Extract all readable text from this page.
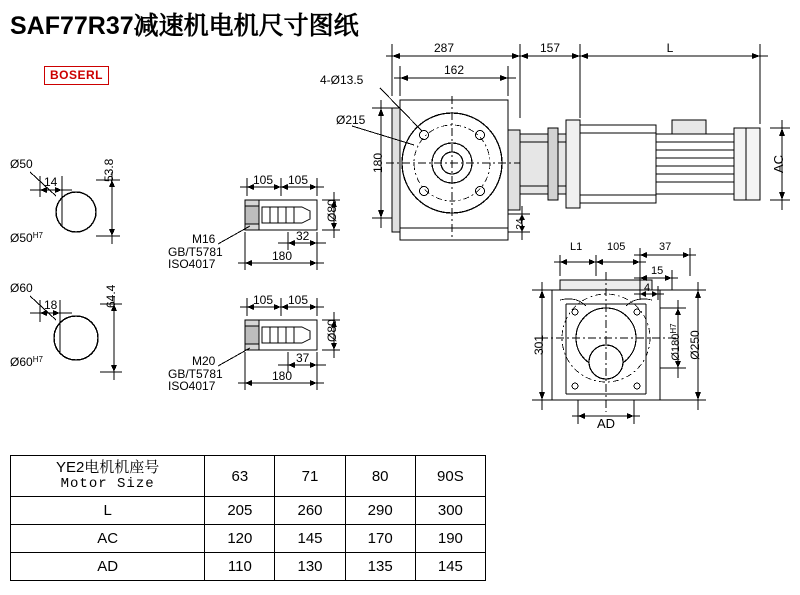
SAF77R37减速机电机尺寸图纸
BOSERL
Ø50
14	53.8
$Ø50^{H7}$
Ø60
18	64.4
$Ø60^{H7}$
105 105
32
180
Ø80
M16
GB/T5781
ISO4017
105 105
37
180
Ø80
M20
GB/T5781
ISO4017
287
162
157	L
4-Ø13.5
Ø215
180
24
AC
L1 105	37
15
4
301	$Ø180^{H7}$
Ø250
AD
YE2电机机座号
Motor Size	63	71	80	90S
L	205	260	290	300
AC	120	145	170	190
AD	110	130	135	145
